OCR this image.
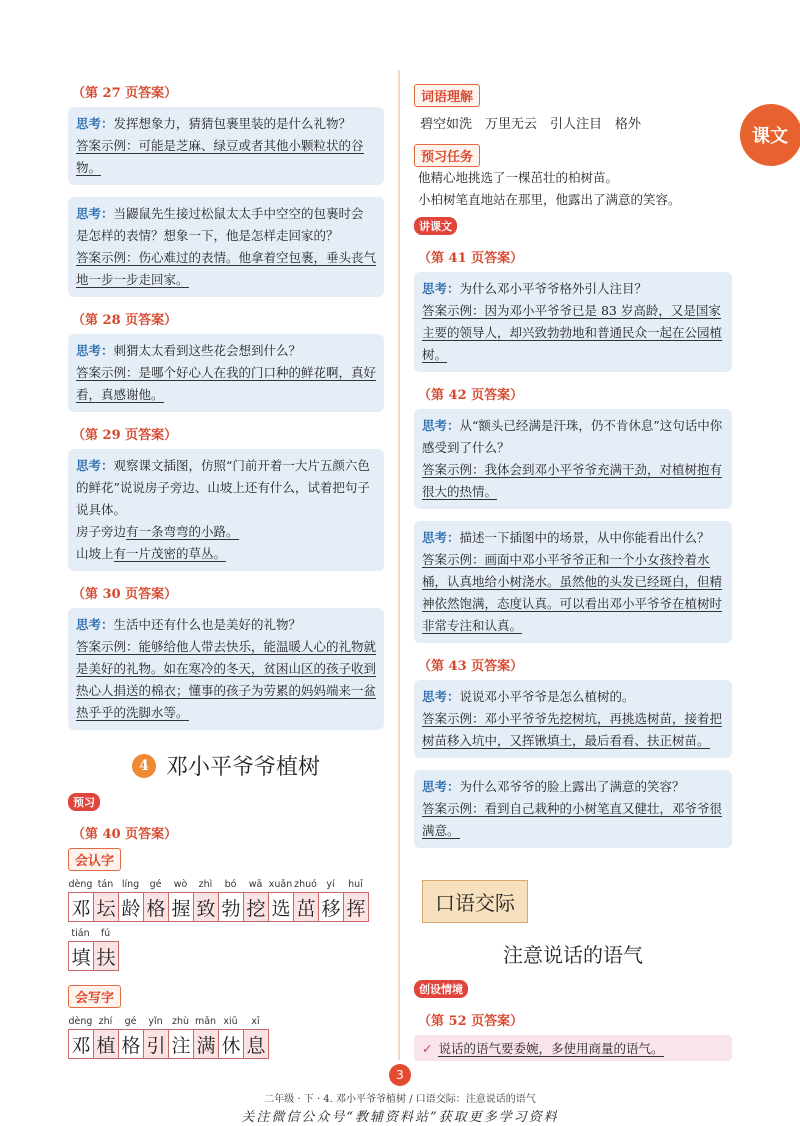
课文
（第 27 页答案）
思考：发挥想象力，猜猜包裹里装的是什么礼物？
答案示例：可能是芝麻、绿豆或者其他小颗粒状的谷物。
思考：当鼹鼠先生接过松鼠太太手中空空的包裹时会是怎样的表情？想象一下，他是怎样走回家的？
答案示例：伤心难过的表情。他拿着空包裹，垂头丧气地一步一步走回家。
（第 28 页答案）
思考：刺猬太太看到这些花会想到什么？
答案示例：是哪个好心人在我的门口种的鲜花啊，真好看，真感谢他。
（第 29 页答案）
思考：观察课文插图，仿照“门前开着一大片五颜六色的鲜花”说说房子旁边、山坡上还有什么，试着把句子说具体。
房子旁边有一条弯弯的小路。
山坡上有一片茂密的草丛。
（第 30 页答案）
思考：生活中还有什么也是美好的礼物？
答案示例：能够给他人带去快乐，能温暖人心的礼物就是美好的礼物。如在寒冷的冬天，贫困山区的孩子收到热心人捐送的棉衣；懂事的孩子为劳累的妈妈端来一盆热乎乎的洗脚水等。
4 邓小平爷爷植树
预习
（第 40 页答案）
会认字
dèng tán líng	gé	wò	zhì	bó	wā xuǎn zhuó yí	huī
邓 坛 龄 格 握 致 勃 挖 选 茁 移 挥
tián	fú
填 扶
会写字
dèng zhí	gé	yǐn zhù mǎn xiū	xī
邓 植 格 引 注 满 休 息
词语理解
碧空如洗　万里无云　引人注目　格外
预习任务
他精心地挑选了一棵茁壮的柏树苗。
小柏树笔直地站在那里，他露出了满意的笑容。
讲课文
（第 41 页答案）
思考：为什么邓小平爷爷格外引人注目？
答案示例：因为邓小平爷爷已是 83 岁高龄，又是国家主要的领导人，却兴致勃勃地和普通民众一起在公园植树。
（第 42 页答案）
思考：从“额头已经满是汗珠，仍不肯休息”这句话中你感受到了什么？
答案示例：我体会到邓小平爷爷充满干劲，对植树抱有很大的热情。
思考：描述一下插图中的场景，从中你能看出什么？
答案示例：画面中邓小平爷爷正和一个小女孩拎着水桶，认真地给小树浇水。虽然他的头发已经斑白，但精神依然饱满，态度认真。可以看出邓小平爷爷在植树时非常专注和认真。
（第 43 页答案）
思考：说说邓小平爷爷是怎么植树的。
答案示例：邓小平爷爷先挖树坑，再挑选树苗，接着把树苗移入坑中，又挥锹填土，最后看看、扶正树苗。
思考：为什么邓爷爷的脸上露出了满意的笑容？
答案示例：看到自己栽种的小树笔直又健壮，邓爷爷很满意。
口语交际
注意说话的语气
创设情境
（第 52 页答案）
✓ 说话的语气要委婉，多使用商量的语气。
3
二年级 · 下 · 4. 邓小平爷爷植树 / 口语交际：注意说话的语气
关注微信公众号“教辅资料站”获取更多学习资料
